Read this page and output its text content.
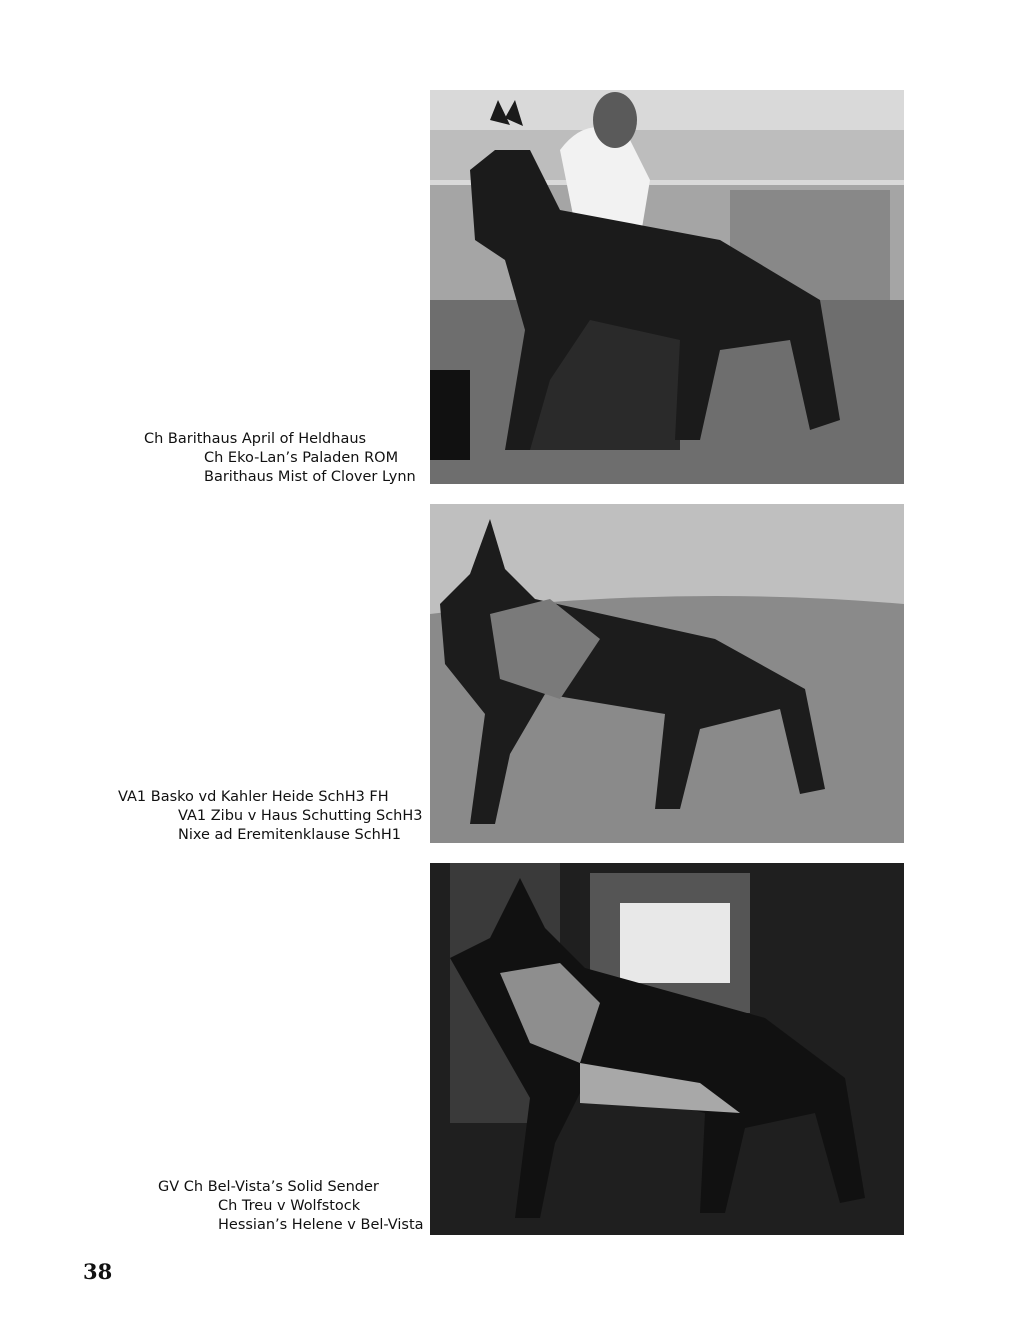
Ch Barithaus April of Heldhaus
Ch Eko-Lan’s Paladen ROM
Barithaus Mist of Clover Lynn
VA1 Basko vd Kahler Heide SchH3 FH
VA1 Zibu v Haus Schutting SchH3
Nixe ad Eremitenklause SchH1
GV Ch Bel-Vista’s Solid Sender
Ch Treu v Wolfstock
Hessian’s Helene v Bel-Vista
38
